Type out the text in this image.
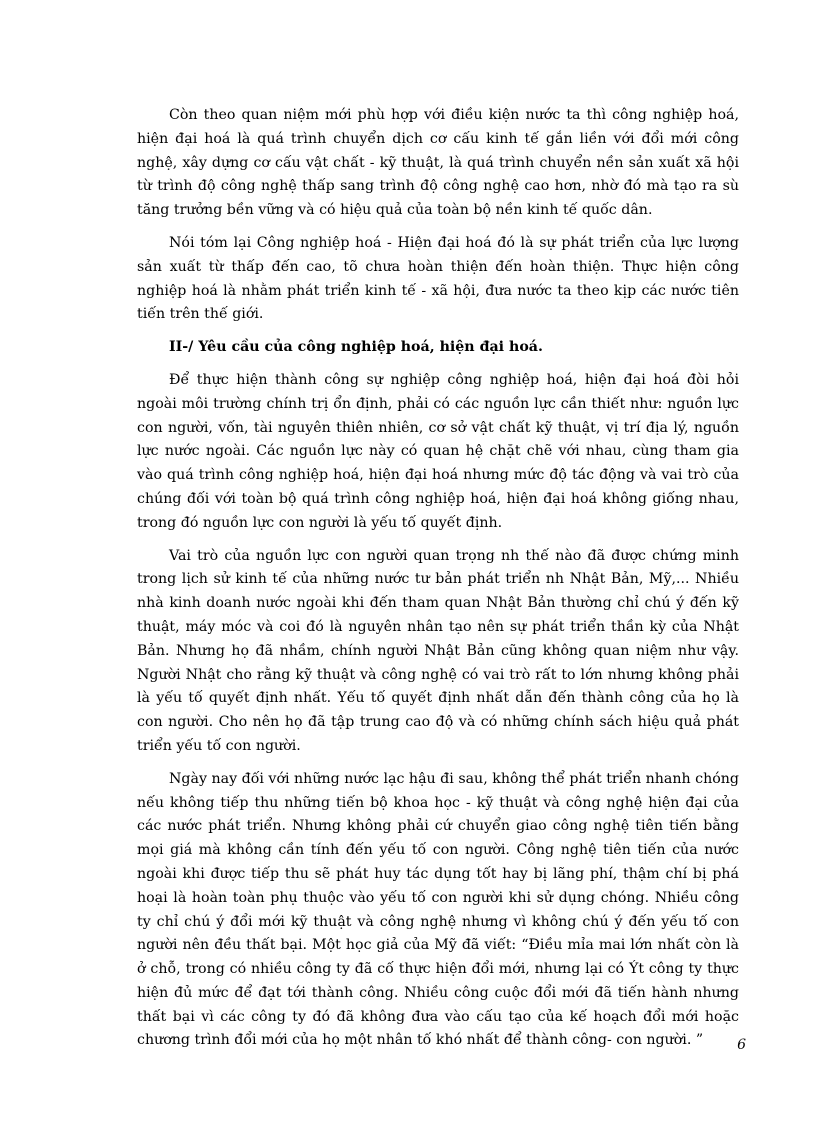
Còn theo quan niệm mới phù hợp với điều kiện nước ta thì công nghiệp hoá, hiện đại hoá là quá trình chuyển dịch cơ cấu kinh tế gắn liền với đổi mới công nghệ, xây dựng cơ cấu vật chất - kỹ thuật, là quá trình chuyển nền sản xuất xã hội từ trình độ công nghệ thấp sang trình độ công nghệ cao hơn, nhờ đó mà tạo ra sù tăng trưởng bền vững và có hiệu quả của toàn bộ nền kinh tế quốc dân.

Nói tóm lại Công nghiệp hoá - Hiện đại hoá đó là sự phát triển của lực lượng sản xuất từ thấp đến cao, tõ chưa hoàn thiện đến hoàn thiện. Thực hiện công nghiệp hoá là nhằm phát triển kinh tế - xã hội, đưa nước ta theo kịp các nước tiên tiến trên thế giới.

II-/ Yêu cầu của công nghiệp hoá, hiện đại hoá.

Để thực hiện thành công sự nghiệp công nghiệp hoá, hiện đại hoá đòi hỏi ngoài môi trường chính trị ổn định, phải có các nguồn lực cần thiết như: nguồn lực con người, vốn, tài nguyên thiên nhiên, cơ sở vật chất kỹ thuật, vị trí địa lý, nguồn lực nước ngoài. Các nguồn lực này có quan hệ chặt chẽ với nhau, cùng tham gia vào quá trình công nghiệp hoá, hiện đại hoá nhưng mức độ tác động và vai trò của chúng đối với toàn bộ quá trình công nghiệp hoá, hiện đại hoá không giống nhau, trong đó nguồn lực con người là yếu tố quyết định.

Vai trò của nguồn lực con người quan trọng nh thế nào đã được chứng minh trong lịch sử kinh tế của những nước tư bản phát triển nh Nhật Bản, Mỹ,... Nhiều nhà kinh doanh nước ngoài khi đến tham quan Nhật Bản thường chỉ chú ý đến kỹ thuật, máy móc và coi đó là nguyên nhân tạo nên sự phát triển thần kỳ của Nhật Bản. Nhưng họ đã nhầm, chính người Nhật Bản cũng không quan niệm như vậy. Người Nhật cho rằng kỹ thuật và công nghệ có vai trò rất to lớn nhưng không phải là yếu tố quyết định nhất. Yếu tố quyết định nhất dẫn đến thành công của họ là con người. Cho nên họ đã tập trung cao độ và có những chính sách hiệu quả phát triển yếu tố con người.

Ngày nay đối với những nước lạc hậu đi sau, không thể phát triển nhanh chóng nếu không tiếp thu những tiến bộ khoa học - kỹ thuật và công nghệ hiện đại của các nước phát triển. Nhưng không phải cứ chuyển giao công nghệ tiên tiến bằng mọi giá mà không cần tính đến yếu tố con người. Công nghệ tiên tiến của nước ngoài khi được tiếp thu sẽ phát huy tác dụng tốt hay bị lãng phí, thậm chí bị phá hoại là hoàn toàn phụ thuộc vào yếu tố con người khi sử dụng chóng. Nhiều công ty chỉ chú ý đổi mới kỹ thuật và công nghệ nhưng vì không chú ý đến yếu tố con người nên đều thất bại. Một học giả của Mỹ đã viết: “Điều mỉa mai lớn nhất còn là ở chỗ, trong có nhiều công ty đã cố thực hiện đổi mới, nhưng lại có Ýt công ty thực hiện đủ mức để đạt tới thành công. Nhiều công cuộc đổi mới đã tiến hành nhưng thất bại vì các công ty đó đã không đưa vào cấu tạo của kế hoạch đổi mới hoặc chương trình đổi mới của họ một nhân tố khó nhất để thành công- con người. ”	6
